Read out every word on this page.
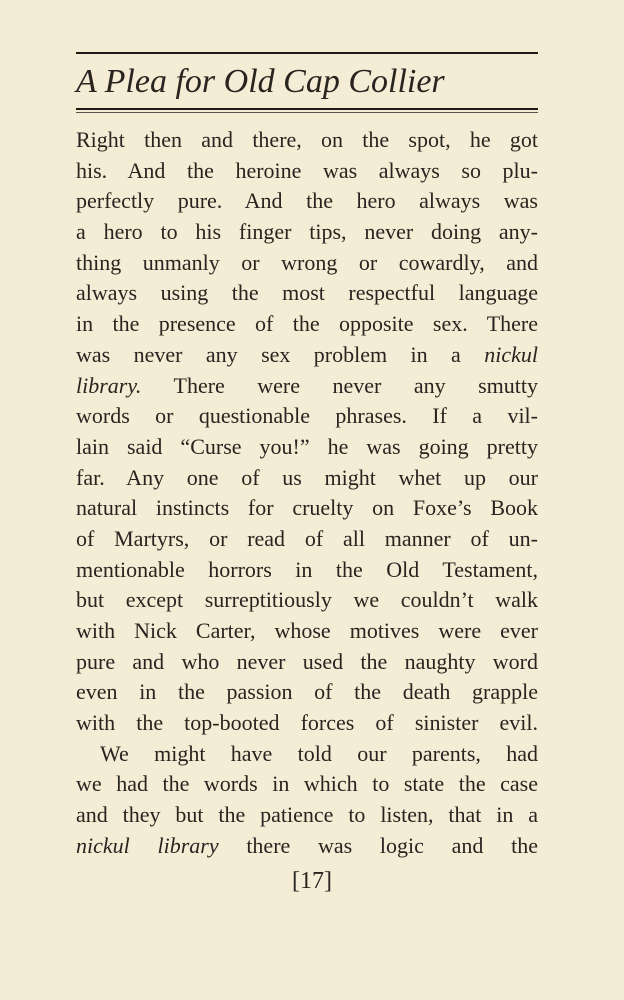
A Plea for Old Cap Collier
Right then and there, on the spot, he got
his. And the heroine was always so plu-
perfectly pure. And the hero always was
a hero to his finger tips, never doing any-
thing unmanly or wrong or cowardly, and
always using the most respectful language
in the presence of the opposite sex. There
was never any sex problem in a nickul
library. There were never any smutty
words or questionable phrases. If a vil-
lain said “Curse you!” he was going pretty
far. Any one of us might whet up our
natural instincts for cruelty on Foxe’s Book
of Martyrs, or read of all manner of un-
mentionable horrors in the Old Testament,
but except surreptitiously we couldn’t walk
with Nick Carter, whose motives were ever
pure and who never used the naughty word
even in the passion of the death grapple
with the top-booted forces of sinister evil.
We might have told our parents, had
we had the words in which to state the case
and they but the patience to listen, that in a
nickul library there was logic and the
[17]
